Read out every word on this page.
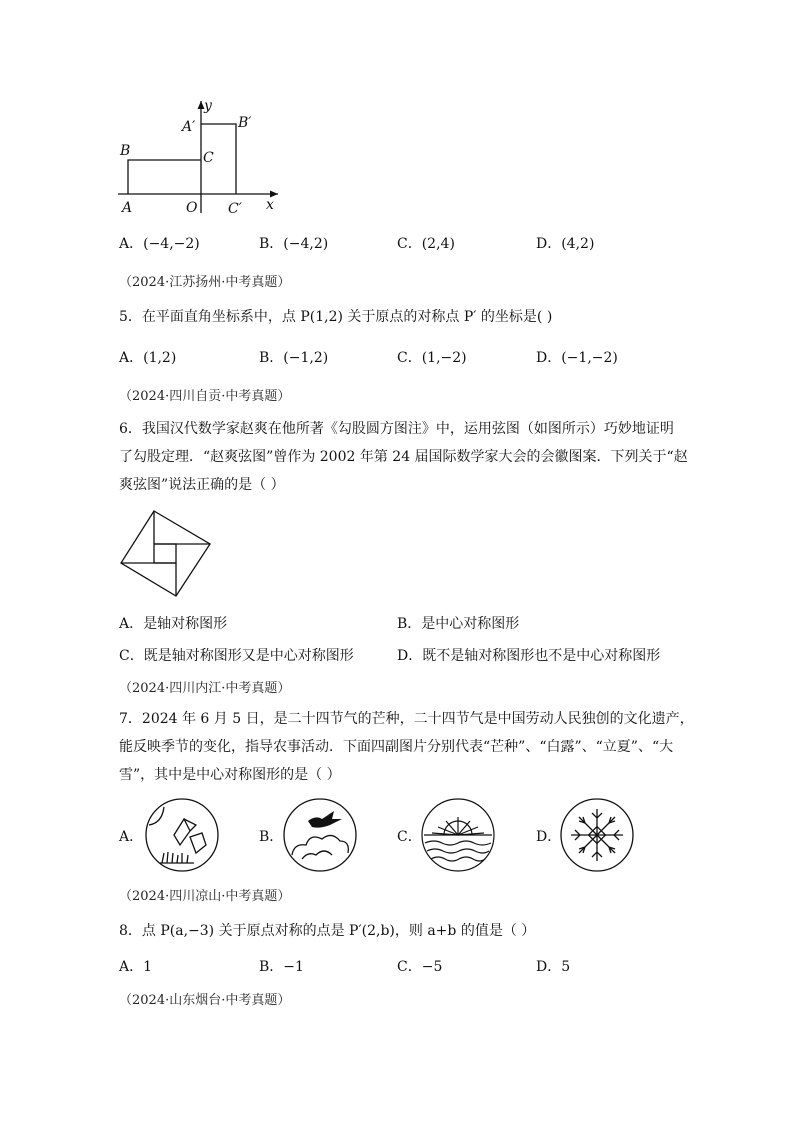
y
x
A′	B′
B	C
A	O C′
A．(−4,−2)	B．(−4,2)	C．(2,4)	D．(4,2)
（2024·江苏扬州·中考真题）
5．在平面直角坐标系中，点 P(1,2) 关于原点的对称点 P′ 的坐标是( )
A．(1,2)	B．(−1,2)	C．(1,−2)	D．(−1,−2)
（2024·四川自贡·中考真题）
6．我国汉代数学家赵爽在他所著《勾股圆方图注》中，运用弦图（如图所示）巧妙地证明
了勾股定理．“赵爽弦图”曾作为 2002 年第 24 届国际数学家大会的会徽图案．下列关于“赵
爽弦图”说法正确的是（ ）
A．是轴对称图形	B．是中心对称图形
C．既是轴对称图形又是中心对称图形	D．既不是轴对称图形也不是中心对称图形
（2024·四川内江·中考真题）
7．2024 年 6 月 5 日，是二十四节气的芒种，二十四节气是中国劳动人民独创的文化遗产，
能反映季节的变化，指导农事活动．下面四副图片分别代表“芒种”、“白露”、“立夏”、“大
雪”，其中是中心对称图形的是（ ）
A．	B．	C．	D．
（2024·四川凉山·中考真题）
8．点 P(a,−3) 关于原点对称的点是 P′(2,b)，则 a+b 的值是（ ）
A．1	B．−1	C．−5	D．5
（2024·山东烟台·中考真题）
